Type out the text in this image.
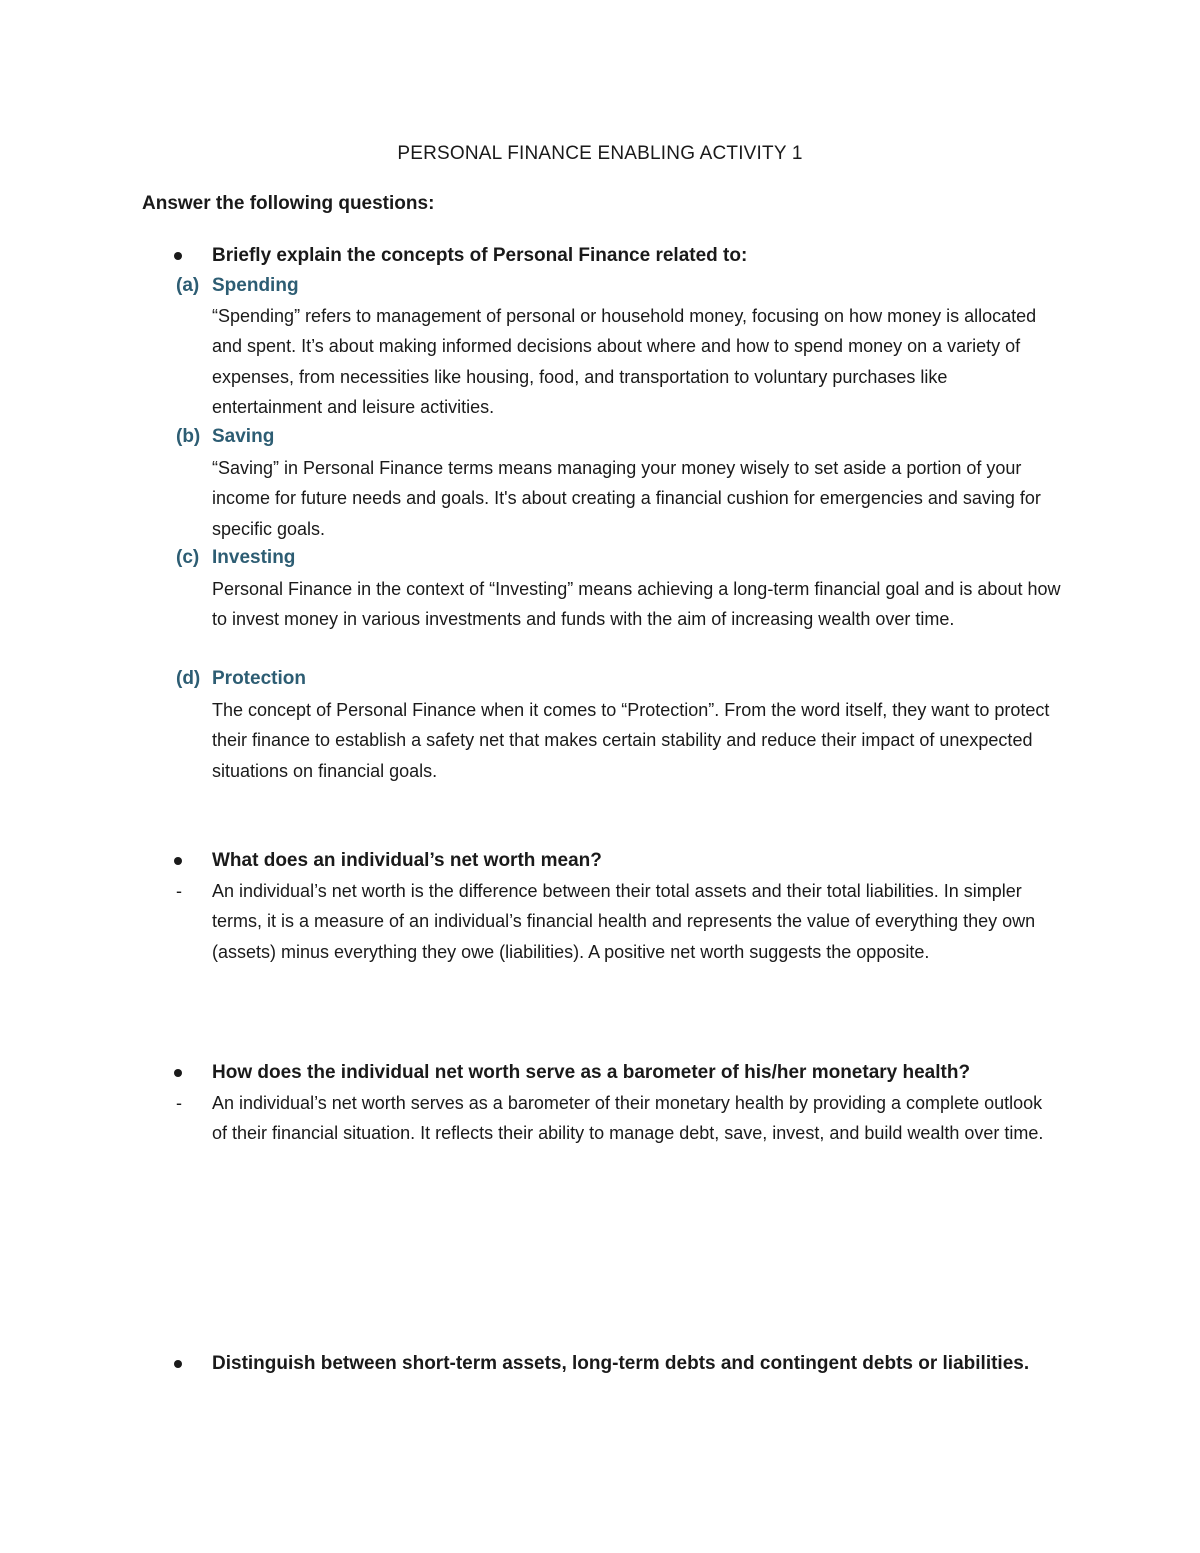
PERSONAL FINANCE ENABLING ACTIVITY 1
Answer the following questions:
Briefly explain the concepts of Personal Finance related to:
(a) Spending
“Spending” refers to management of personal or household money, focusing on how money is allocated and spent. It’s about making informed decisions about where and how to spend money on a variety of expenses, from necessities like housing, food, and transportation to voluntary purchases like entertainment and leisure activities.
(b) Saving
“Saving” in Personal Finance terms means managing your money wisely to set aside a portion of your income for future needs and goals. It's about creating a financial cushion for emergencies and saving for specific goals.
(c) Investing
Personal Finance in the context of “Investing” means achieving a long-term financial goal and is about how to invest money in various investments and funds with the aim of increasing wealth over time.
(d) Protection
The concept of Personal Finance when it comes to “Protection”. From the word itself, they want to protect their finance to establish a safety net that makes certain stability and reduce their impact of unexpected situations on financial goals.
What does an individual’s net worth mean?
- An individual’s net worth is the difference between their total assets and their total liabilities. In simpler terms, it is a measure of an individual’s financial health and represents the value of everything they own (assets) minus everything they owe (liabilities). A positive net worth suggests the opposite.
How does the individual net worth serve as a barometer of his/her monetary health?
- An individual’s net worth serves as a barometer of their monetary health by providing a complete outlook of their financial situation. It reflects their ability to manage debt, save, invest, and build wealth over time.
Distinguish between short-term assets, long-term debts and contingent debts or liabilities.
